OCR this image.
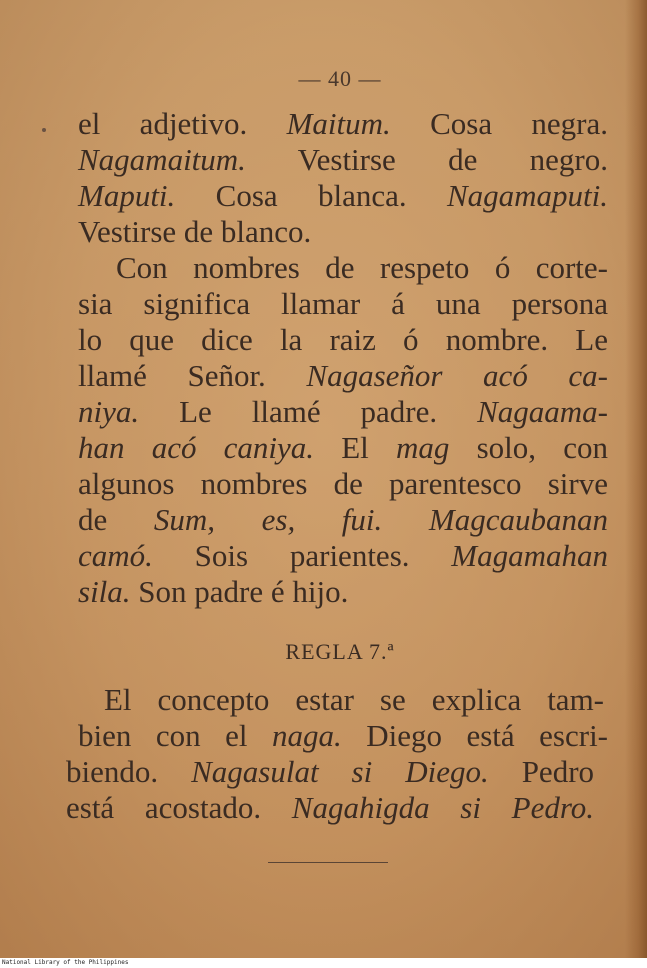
— 40 —
el adjetivo. Maitum. Cosa negra.
Nagamaitum. Vestirse de negro.
Maputi. Cosa blanca. Nagamaputi.
Vestirse de blanco.
Con nombres de respeto ó corte-
sia significa llamar á una persona
lo que dice la raiz ó nombre. Le
llamé Señor. Nagaseñor acó ca-
niya. Le llamé padre. Nagaama-
han acó caniya. El mag solo, con
algunos nombres de parentesco sirve
de Sum, es, fui. Magcaubanan
camó. Sois parientes. Magamahan
sila. Son padre é hijo.
REGLA 7.ª
El concepto estar se explica tam-
bien con el naga. Diego está escri-
biendo. Nagasulat si Diego. Pedro
está acostado. Nagahigda si Pedro.
National Library of the Philippines
